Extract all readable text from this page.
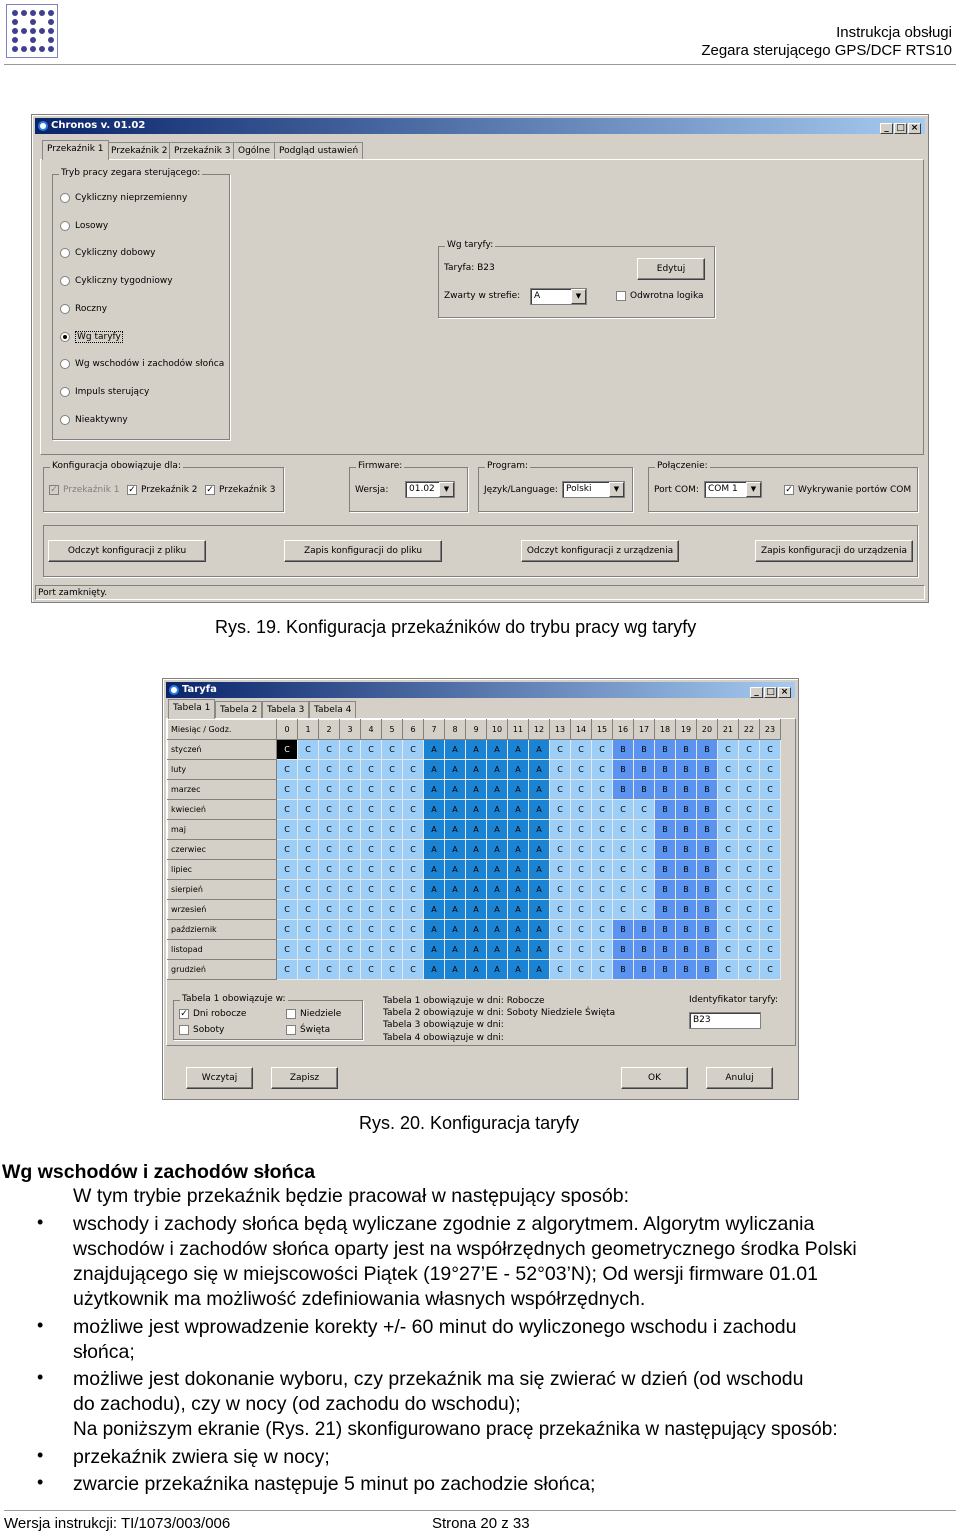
Instrukcja obsługi
Zegara sterującego GPS/DCF RTS10
Chronos v. 01.02	_ □ ×
Przekaźnik 1 Przekaźnik 2 Przekaźnik 3 Ogólne Podgląd ustawień
Tryb pracy zegara sterującego:
Cykliczny nieprzemienny
Losowy
Cykliczny dobowy
Cykliczny tygodniowy
Roczny
Wg taryfy
Wg wschodów i zachodów słońca
Impuls sterujący
Nieaktywny
Wg taryfy:
Taryfa: B23	Edytuj
Zwarty w strefie:	A	▼	Odwrotna logika
Konfiguracja obowiązuje dla:
✓ Przekaźnik 1 ✓ Przekaźnik 2 ✓ Przekaźnik 3
Firmware:
Wersja:	01.02	▼
Program:
Język/Language: Polski	▼
Połączenie:
Port COM:	COM 1	▼	✓ Wykrywanie portów COM
Odczyt konfiguracji z pliku	Zapis konfiguracji do pliku	Odczyt konfiguracji z urządzenia	Zapis konfiguracji do urządzenia
Port zamknięty.
Rys. 19. Konfiguracja przekaźników do trybu pracy wg taryfy
Taryfa	_ □ ×
Tabela 1	Tabela 2	Tabela 3	Tabela 4
Tabela 1 obowiązuje w:
✓ Dni robocze	Niedziele
Soboty	Święta
Tabela 1 obowiązuje w dni: Robocze
Tabela 2 obowiązuje w dni: Soboty Niedziele Święta
Tabela 3 obowiązuje w dni:
Tabela 4 obowiązuje w dni:
Identyfikator taryfy:
B23
Wczytaj	Zapisz	OK	Anuluj
Miesiąc / Godz.	0	1	2	3	4	5	6	7	8	9	10	11	12	13	14	15	16	17	18	19	20	21	22	23
styczeń	C	C	C	C	C	C	C	A	A	A	A	A	A	C	C	C	B	B	B	B	B	C	C	C
luty	C	C	C	C	C	C	C	A	A	A	A	A	A	C	C	C	B	B	B	B	B	C	C	C
marzec	C	C	C	C	C	C	C	A	A	A	A	A	A	C	C	C	B	B	B	B	B	C	C	C
kwiecień	C	C	C	C	C	C	C	A	A	A	A	A	A	C	C	C	C	C	B	B	B	C	C	C
maj	C	C	C	C	C	C	C	A	A	A	A	A	A	C	C	C	C	C	B	B	B	C	C	C
czerwiec	C	C	C	C	C	C	C	A	A	A	A	A	A	C	C	C	C	C	B	B	B	C	C	C
lipiec	C	C	C	C	C	C	C	A	A	A	A	A	A	C	C	C	C	C	B	B	B	C	C	C
sierpień	C	C	C	C	C	C	C	A	A	A	A	A	A	C	C	C	C	C	B	B	B	C	C	C
wrzesień	C	C	C	C	C	C	C	A	A	A	A	A	A	C	C	C	C	C	B	B	B	C	C	C
październik	C	C	C	C	C	C	C	A	A	A	A	A	A	C	C	C	B	B	B	B	B	C	C	C
listopad	C	C	C	C	C	C	C	A	A	A	A	A	A	C	C	C	B	B	B	B	B	C	C	C
grudzień	C	C	C	C	C	C	C	A	A	A	A	A	A	C	C	C	B	B	B	B	B	C	C	C
Rys. 20. Konfiguracja taryfy
Wg wschodów i zachodów słońca
W tym trybie przekaźnik będzie pracował w następujący sposób:
• wschody i zachody słońca będą wyliczane zgodnie z algorytmem. Algorytm wyliczania
wschodów i zachodów słońca oparty jest na współrzędnych geometrycznego środka Polski
znajdującego się w miejscowości Piątek (19°27’E - 52°03’N); Od wersji firmware 01.01
użytkownik ma możliwość zdefiniowania własnych współrzędnych.
• możliwe jest wprowadzenie korekty +/- 60 minut do wyliczonego wschodu i zachodu
słońca;
• możliwe jest dokonanie wyboru, czy przekaźnik ma się zwierać w dzień (od wschodu
do zachodu), czy w nocy (od zachodu do wschodu);
Na poniższym ekranie (Rys. 21) skonfigurowano pracę przekaźnika w następujący sposób:
• przekaźnik zwiera się w nocy;
• zwarcie przekaźnika następuje 5 minut po zachodzie słońca;
Wersja instrukcji: TI/1073/003/006	Strona 20 z 33
